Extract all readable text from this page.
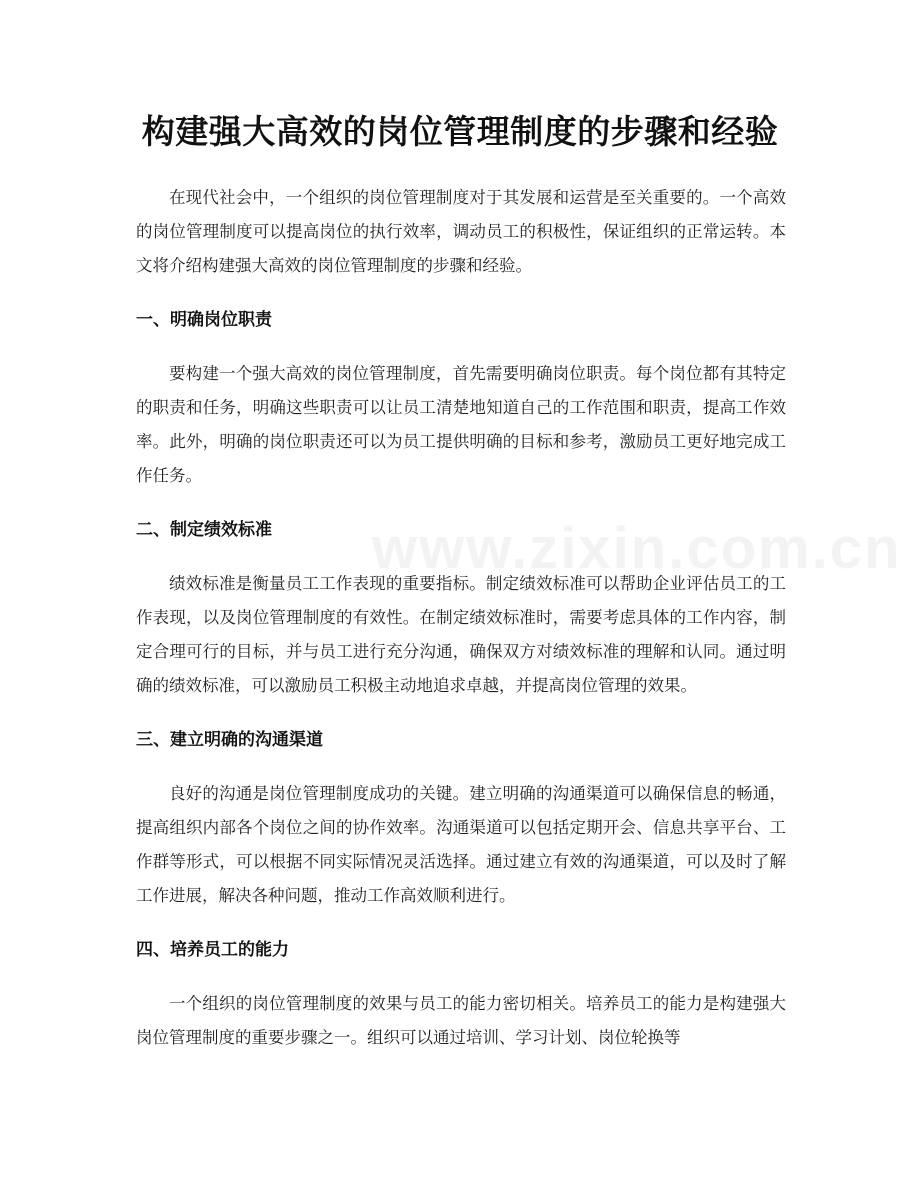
构建强大高效的岗位管理制度的步骤和经验

在现代社会中，一个组织的岗位管理制度对于其发展和运营是至关重要的。一个高效的岗位管理制度可以提高岗位的执行效率，调动员工的积极性，保证组织的正常运转。本文将介绍构建强大高效的岗位管理制度的步骤和经验。

一、明确岗位职责

要构建一个强大高效的岗位管理制度，首先需要明确岗位职责。每个岗位都有其特定的职责和任务，明确这些职责可以让员工清楚地知道自己的工作范围和职责，提高工作效率。此外，明确的岗位职责还可以为员工提供明确的目标和参考，激励员工更好地完成工作任务。

二、制定绩效标准

绩效标准是衡量员工工作表现的重要指标。制定绩效标准可以帮助企业评估员工的工作表现，以及岗位管理制度的有效性。在制定绩效标准时，需要考虑具体的工作内容，制定合理可行的目标，并与员工进行充分沟通，确保双方对绩效标准的理解和认同。通过明确的绩效标准，可以激励员工积极主动地追求卓越，并提高岗位管理的效果。

三、建立明确的沟通渠道

良好的沟通是岗位管理制度成功的关键。建立明确的沟通渠道可以确保信息的畅通，提高组织内部各个岗位之间的协作效率。沟通渠道可以包括定期开会、信息共享平台、工作群等形式，可以根据不同实际情况灵活选择。通过建立有效的沟通渠道，可以及时了解工作进展，解决各种问题，推动工作高效顺利进行。

四、培养员工的能力

一个组织的岗位管理制度的效果与员工的能力密切相关。培养员工的能力是构建强大岗位管理制度的重要步骤之一。组织可以通过培训、学习计划、岗位轮换等

www.zixin.com.cn
